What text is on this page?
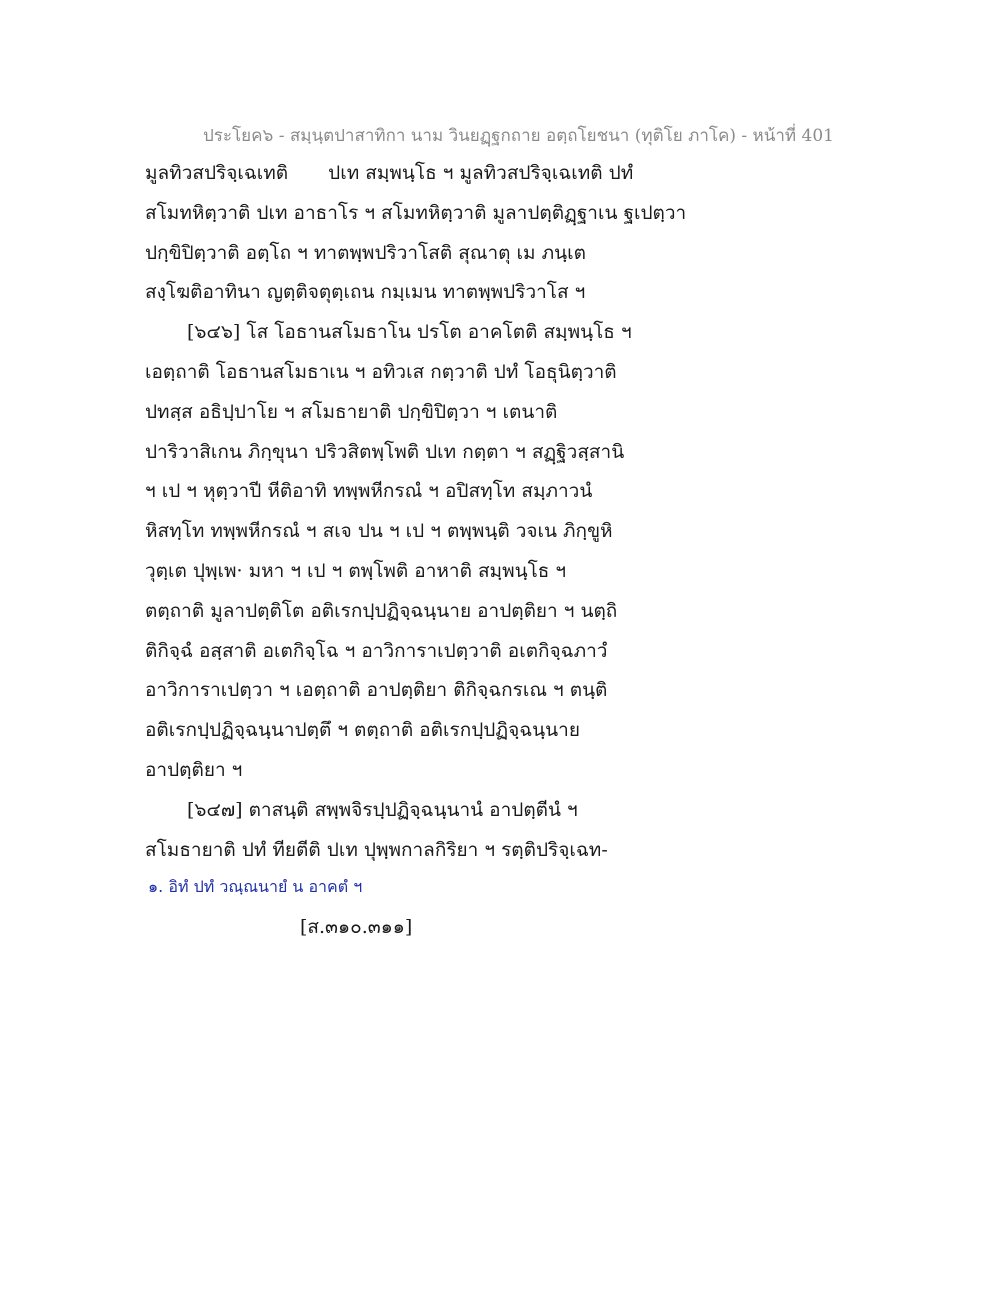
ประโยค๖ - สมฺนฺตปาสาทิกา นาม วินยฏฺฐกถาย อตฺถโยชนา (ทุติโย ภาโค) - หน้าที่ 401
มูลทิวสปริจฺเฉเทติ ปเท สมฺพนฺโธ ฯ มูลทิวสปริจฺเฉเทติ ปทํ
สโมทหิตฺวาติ ปเท อาธาโร ฯ สโมทหิตฺวาติ มูลาปตฺติฏฺฐาเน ฐเปตฺวา
ปกฺขิปิตฺวาติ อตฺโถ ฯ ทาตพฺพปริวาโสติ สุณาตุ เม ภนฺเต
สงฺโฆติอาทินา ญตฺติจตุตฺเถน กมฺเมน ทาตพฺพปริวาโส ฯ
[๖๔๖] โส โอธานสโมธาโน ปรโต อาคโตติ สมฺพนฺโธ ฯ
เอตฺถาติ โอธานสโมธาเน ฯ อทิวเส กตฺวาติ ปทํ โอธุนิตฺวาติ
ปทสฺส อธิปฺปาโย ฯ สโมธายาติ ปกฺขิปิตฺวา ฯ เตนาติ
ปาริวาสิเกน ภิกฺขุนา ปริวสิตพฺโพติ ปเท กตฺตา ฯ สฏฺฐิวสฺสานิ
ฯ เป ฯ หุตฺวาปี หีติอาทิ ทพฺพหีกรณํ ฯ อปิสทฺโท สมฺภาวนํ
หิสทฺโท ทพฺพหีกรณํ ฯ สเจ ปน ฯ เป ฯ ตพฺพนฺติ วจเน ภิกฺขูหิ
วุตฺเต ปุพฺเพ· มหา ฯ เป ฯ ตพฺโพติ อาหาติ สมฺพนฺโธ ฯ
ตตฺถาติ มูลาปตฺติโต อติเรกปฺปฏิจฺฉนฺนาย อาปตฺติยา ฯ นตฺถิ
ติกิจฺฉํ อสฺสาติ อเตกิจฺโฉ ฯ อาวิการาเปตฺวาติ อเตกิจฺฉภาวํ
อาวิการาเปตฺวา ฯ เอตฺถาติ อาปตฺติยา ติกิจฺฉกรเณ ฯ ตนฺติ
อติเรกปฺปฏิจฺฉนฺนาปตฺตึ ฯ ตตฺถาติ อติเรกปฺปฏิจฺฉนฺนาย
อาปตฺติยา ฯ
[๖๔๗] ตาสนฺติ สพฺพจิรปฺปฏิจฺฉนฺนานํ อาปตฺตีนํ ฯ
สโมธายาติ ปทํ ทียตีติ ปเท ปุพฺพกาลกิริยา ฯ รตฺติปริจฺเฉท-
๑. อิทํ ปทํ วณฺณนายํ น อาคตํ ฯ
[ส.๓๑๐.๓๑๑]
